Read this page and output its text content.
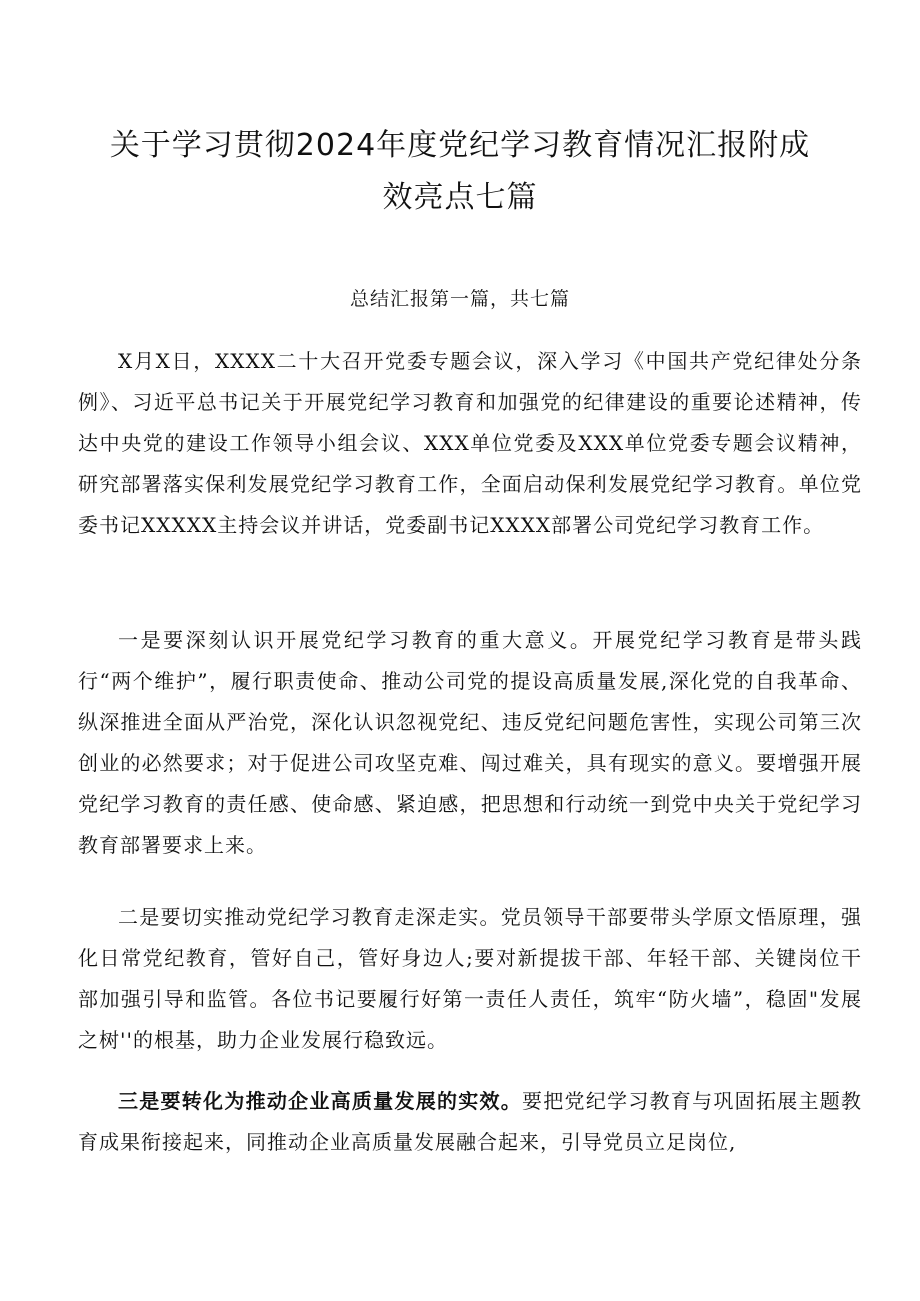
关于学习贯彻2024年度党纪学习教育情况汇报附成
效亮点七篇

总结汇报第一篇，共七篇

X月X日，XXXX二十大召开党委专题会议，深入学习《中国共产党纪律处分条例》、习近平总书记关于开展党纪学习教育和加强党的纪律建设的重要论述精神，传达中央党的建设工作领导小组会议、XXX单位党委及XXX单位党委专题会议精神，研究部署落实保利发展党纪学习教育工作，全面启动保利发展党纪学习教育。单位党委书记XXXXX主持会议并讲话，党委副书记XXXX部署公司党纪学习教育工作。

一是要深刻认识开展党纪学习教育的重大意义。开展党纪学习教育是带头践行“两个维护”，履行职责使命、推动公司党的提设高质量发展,深化党的自我革命、纵深推进全面从严治党，深化认识忽视党纪、违反党纪问题危害性，实现公司第三次创业的必然要求；对于促进公司攻坚克难、闯过难关，具有现实的意义。要增强开展党纪学习教育的责任感、使命感、紧迫感，把思想和行动统一到党中央关于党纪学习教育部署要求上来。

二是要切实推动党纪学习教育走深走实。党员领导干部要带头学原文悟原理，强化日常党纪教育，管好自己，管好身边人;要对新提拔干部、年轻干部、关键岗位干部加强引导和监管。各位书记要履行好第一责任人责任，筑牢“防火墙”，稳固"发展之树''的根基，助力企业发展行稳致远。

三是要转化为推动企业高质量发展的实效。要把党纪学习教育与巩固拓展主题教育成果衔接起来，同推动企业高质量发展融合起来，引导党员立足岗位,
